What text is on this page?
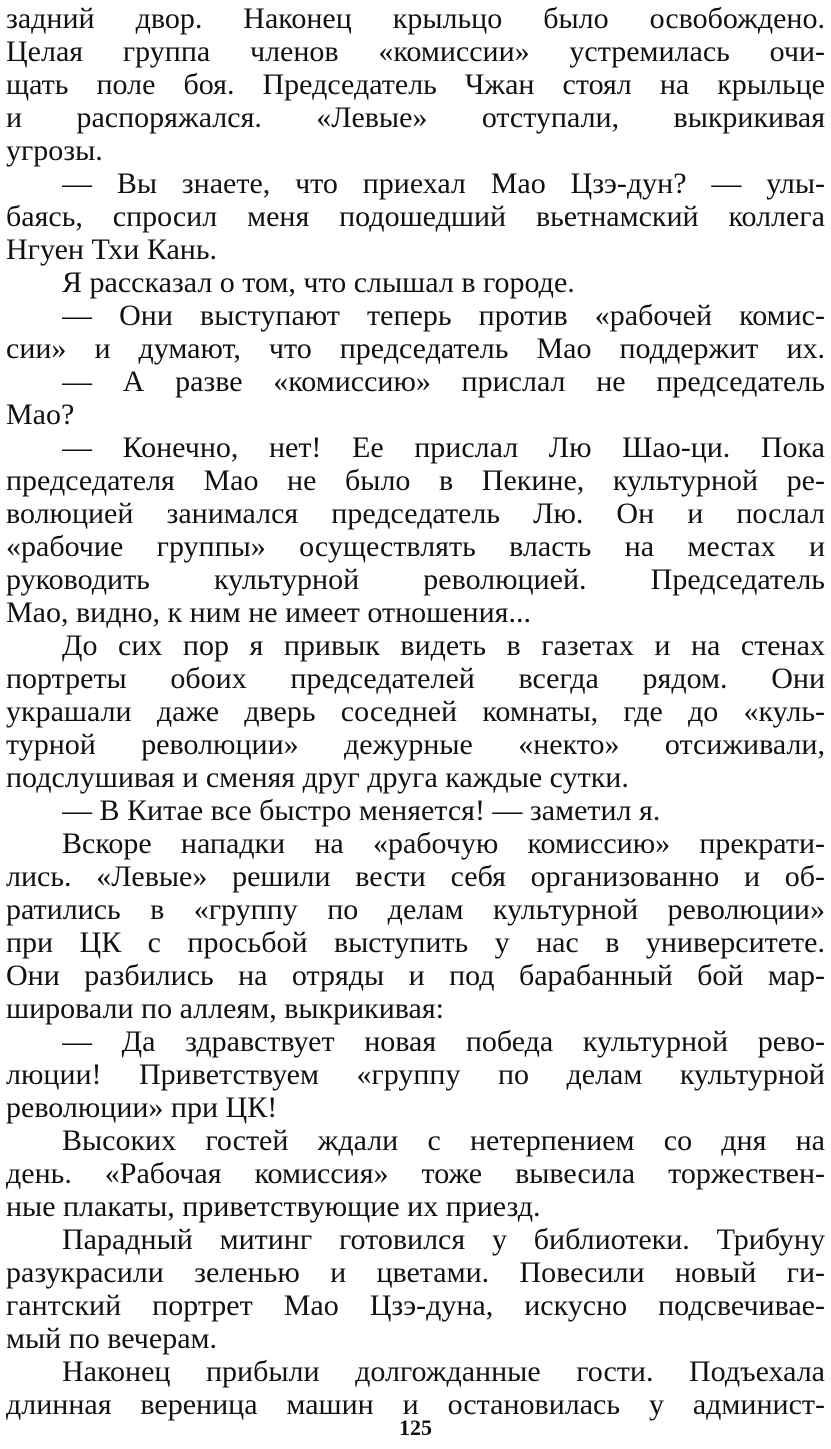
задний двор. Наконец крыльцо было освобождено.
Целая группа членов «комиссии» устремилась очи-
щать поле боя. Председатель Чжан стоял на крыльце
и распоряжался. «Левые» отступали, выкрикивая
угрозы.
— Вы знаете, что приехал Мао Цзэ-дун? — улы-
баясь, спросил меня подошедший вьетнамский коллега
Нгуен Тхи Кань.
Я рассказал о том, что слышал в городе.
— Они выступают теперь против «рабочей комис-
сии» и думают, что председатель Мао поддержит их.
— А разве «комиссию» прислал не председатель
Мао?
— Конечно, нет! Ее прислал Лю Шао-ци. Пока
председателя Мао не было в Пекине, культурной ре-
волюцией занимался председатель Лю. Он и послал
«рабочие группы» осуществлять власть на местах и
руководить культурной революцией. Председатель
Мао, видно, к ним не имеет отношения...
До сих пор я привык видеть в газетах и на стенах
портреты обоих председателей всегда рядом. Они
украшали даже дверь соседней комнаты, где до «куль-
турной революции» дежурные «некто» отсиживали,
подслушивая и сменяя друг друга каждые сутки.
— В Китае все быстро меняется! — заметил я.
Вскоре нападки на «рабочую комиссию» прекрати-
лись. «Левые» решили вести себя организованно и об-
ратились в «группу по делам культурной революции»
при ЦК с просьбой выступить у нас в университете.
Они разбились на отряды и под барабанный бой мар-
шировали по аллеям, выкрикивая:
— Да здравствует новая победа культурной рево-
люции! Приветствуем «группу по делам культурной
революции» при ЦК!
Высоких гостей ждали с нетерпением со дня на
день. «Рабочая комиссия» тоже вывесила торжествен-
ные плакаты, приветствующие их приезд.
Парадный митинг готовился у библиотеки. Трибуну
разукрасили зеленью и цветами. Повесили новый ги-
гантский портрет Мао Цзэ-дуна, искусно подсвечивае-
мый по вечерам.
Наконец прибыли долгожданные гости. Подъехала
длинная вереница машин и остановилась у админист-
125
